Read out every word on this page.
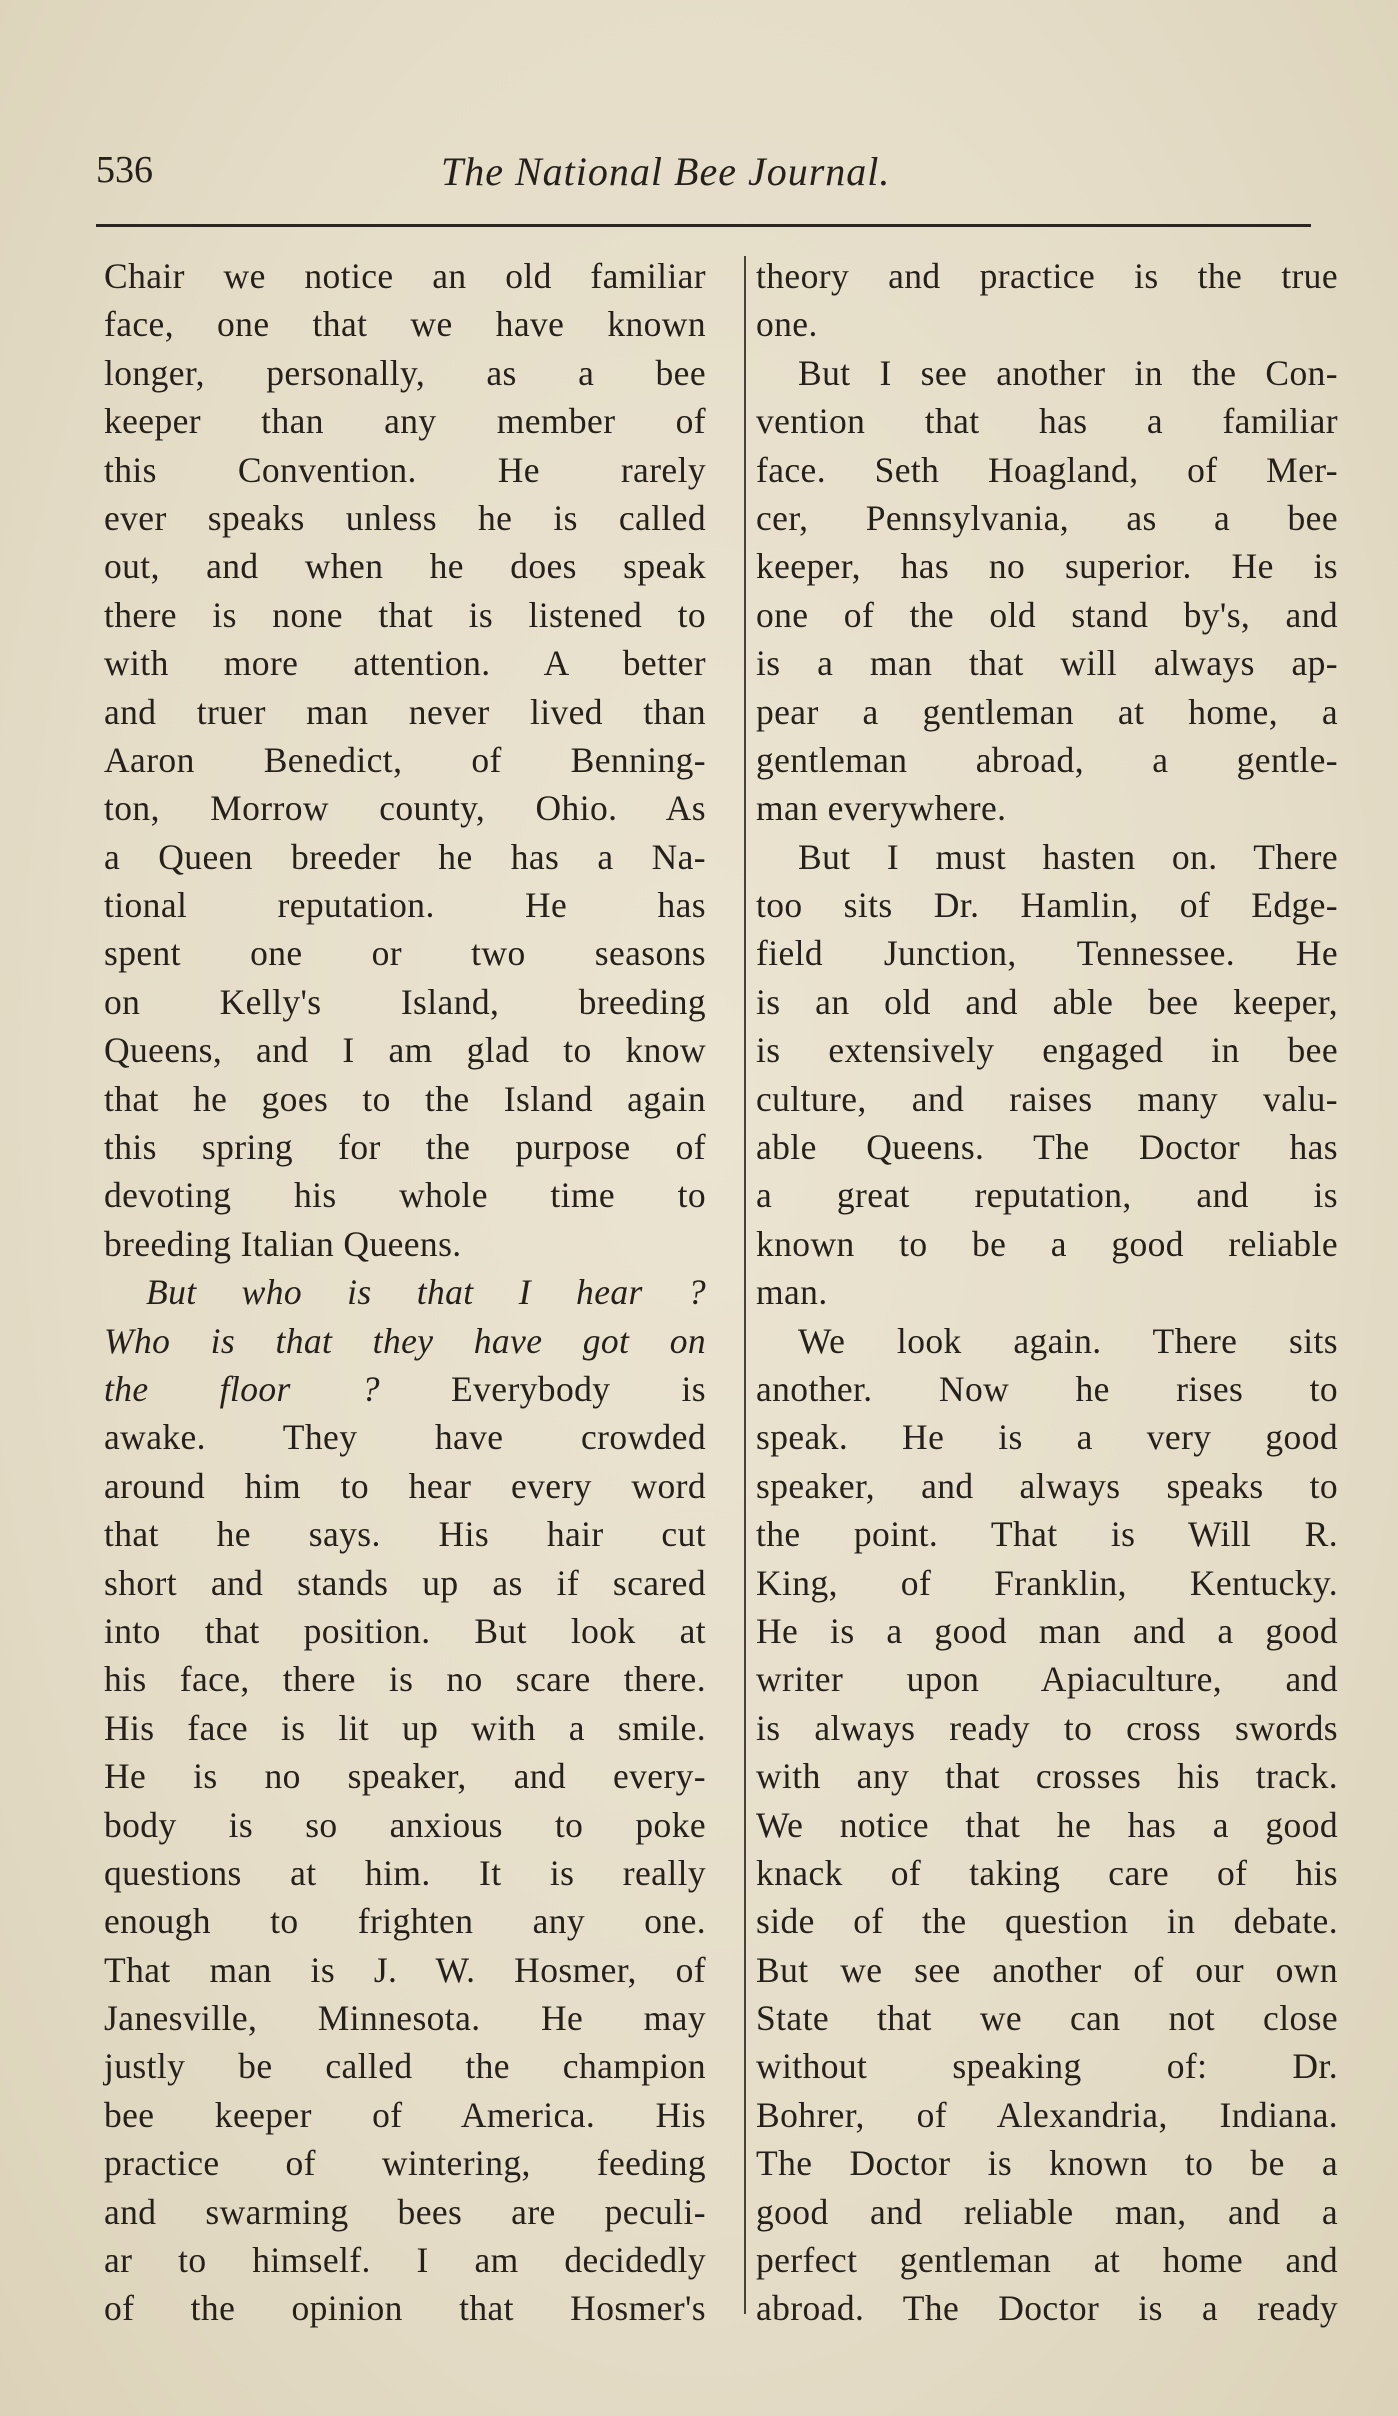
536	The National Bee Journal.
Chair we notice an old familiar
face, one that we have known
longer, personally, as a bee
keeper than any member of
this Convention. He rarely
ever speaks unless he is called
out, and when he does speak
there is none that is listened to
with more attention. A better
and truer man never lived than
Aaron Benedict, of Benning-
ton, Morrow county, Ohio. As
a Queen breeder he has a Na-
tional reputation. He has
spent one or two seasons
on Kelly's Island, breeding
Queens, and I am glad to know
that he goes to the Island again
this spring for the purpose of
devoting his whole time to
breeding Italian Queens.
But who is that I hear ?
Who is that they have got on
the floor ? Everybody is
awake. They have crowded
around him to hear every word
that he says. His hair cut
short and stands up as if scared
into that position. But look at
his face, there is no scare there.
His face is lit up with a smile.
He is no speaker, and every-
body is so anxious to poke
questions at him. It is really
enough to frighten any one.
That man is J. W. Hosmer, of
Janesville, Minnesota. He may
justly be called the champion
bee keeper of America. His
practice of wintering, feeding
and swarming bees are peculi-
ar to himself. I am decidedly
of the opinion that Hosmer's
theory and practice is the true
one.
But I see another in the Con-
vention that has a familiar
face. Seth Hoagland, of Mer-
cer, Pennsylvania, as a bee
keeper, has no superior. He is
one of the old stand by's, and
is a man that will always ap-
pear a gentleman at home, a
gentleman abroad, a gentle-
man everywhere.
But I must hasten on. There
too sits Dr. Hamlin, of Edge-
field Junction, Tennessee. He
is an old and able bee keeper,
is extensively engaged in bee
culture, and raises many valu-
able Queens. The Doctor has
a great reputation, and is
known to be a good reliable
man.
We look again. There sits
another. Now he rises to
speak. He is a very good
speaker, and always speaks to
the point. That is Will R.
King, of Franklin, Kentucky.
He is a good man and a good
writer upon Apiaculture, and
is always ready to cross swords
with any that crosses his track.
We notice that he has a good
knack of taking care of his
side of the question in debate.
But we see another of our own
State that we can not close
without speaking of: Dr.
Bohrer, of Alexandria, Indiana.
The Doctor is known to be a
good and reliable man, and a
perfect gentleman at home and
abroad. The Doctor is a ready
